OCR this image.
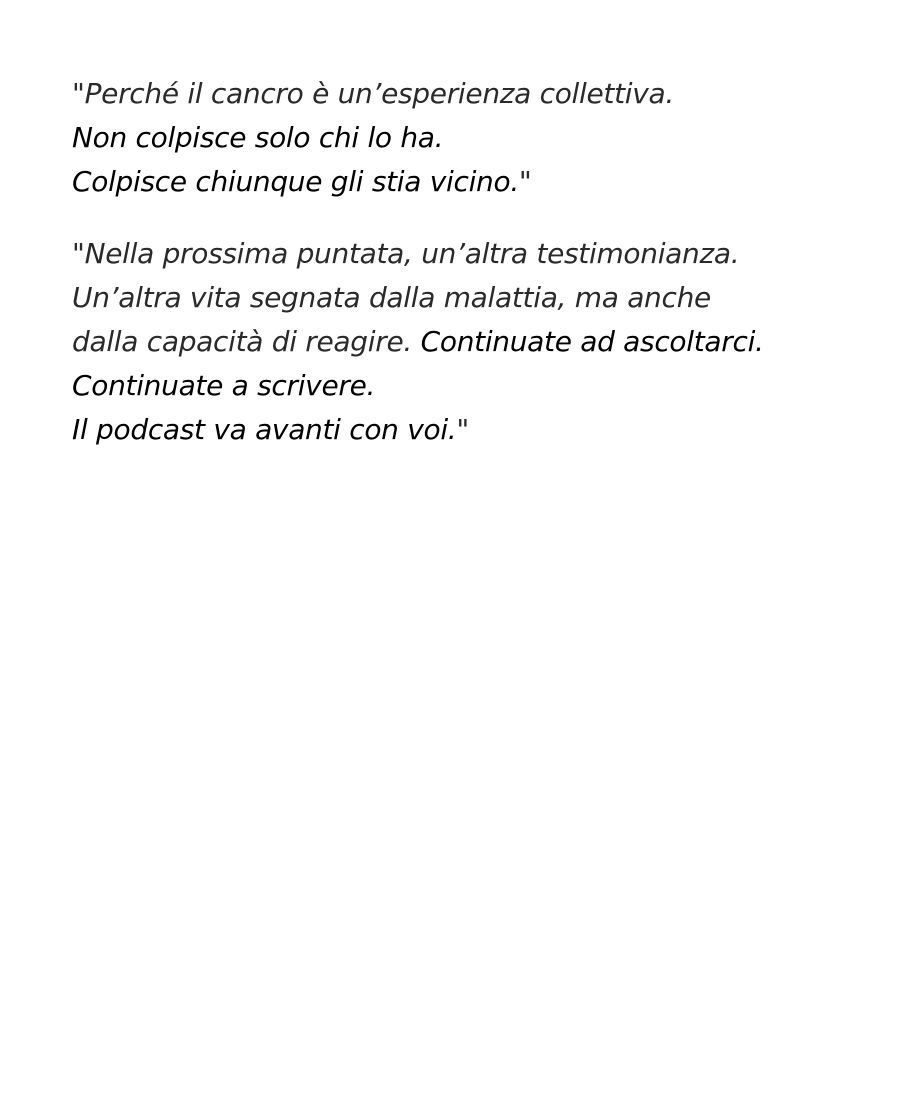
"Perché il cancro è un’esperienza collettiva.
Non colpisce solo chi lo ha.
Colpisce chiunque gli stia vicino."

"Nella prossima puntata, un’altra testimonianza.
Un’altra vita segnata dalla malattia, ma anche
dalla capacità di reagire. Continuate ad ascoltarci.
Continuate a scrivere.
Il podcast va avanti con voi."
